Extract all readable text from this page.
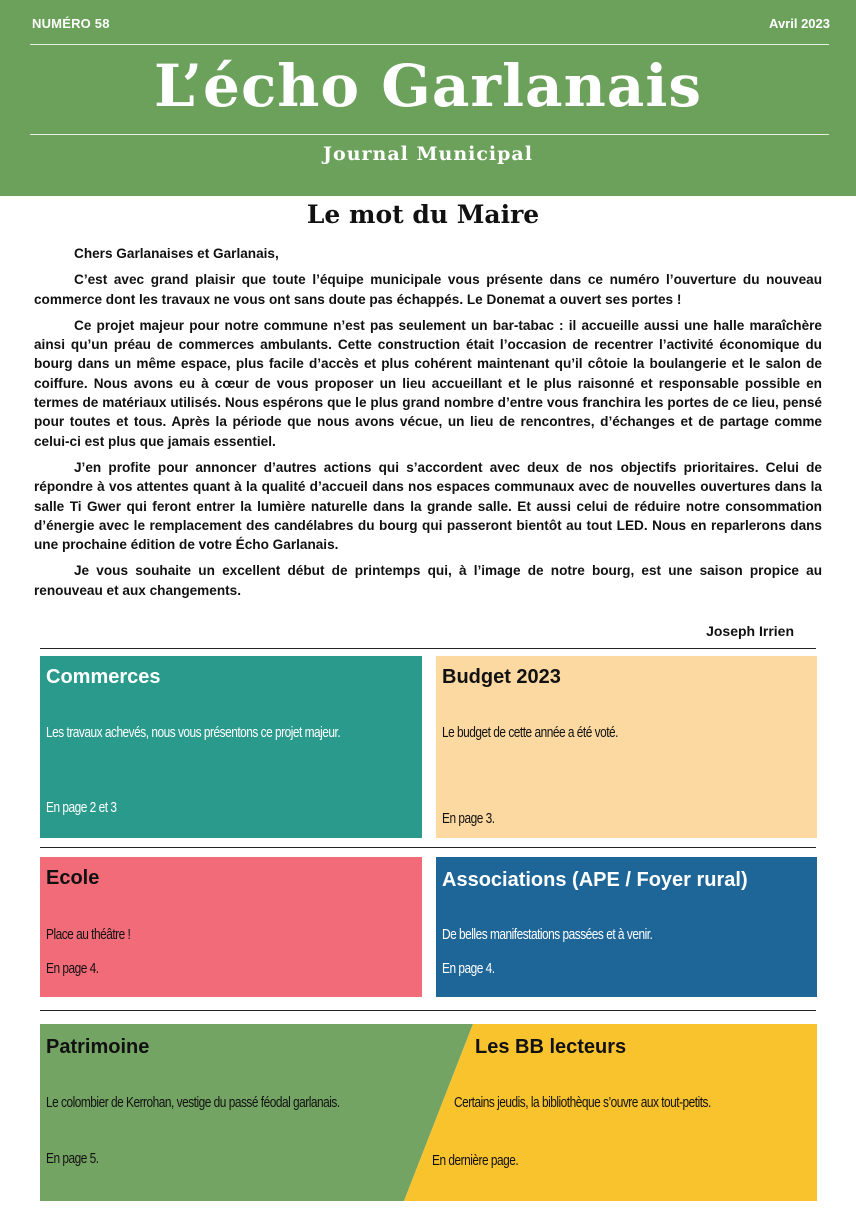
NUMÉRO 58	Avril 2023
L’écho Garlanais
Journal Municipal
Le mot du Maire

Chers Garlanaises et Garlanais,

C’est avec grand plaisir que toute l’équipe municipale vous présente dans ce numéro l’ouverture du nouveau commerce dont les travaux ne vous ont sans doute pas échappés. Le Donemat a ouvert ses portes !

Ce projet majeur pour notre commune n’est pas seulement un bar-tabac : il accueille aussi une halle maraîchère ainsi qu’un préau de commerces ambulants. Cette construction était l’occasion de recentrer l’activité économique du bourg dans un même espace, plus facile d’accès et plus cohérent maintenant qu’il côtoie la boulangerie et le salon de coiffure. Nous avons eu à cœur de vous proposer un lieu accueillant et le plus raisonné et responsable possible en termes de matériaux utilisés. Nous espérons que le plus grand nombre d’entre vous franchira les portes de ce lieu, pensé pour toutes et tous. Après la période que nous avons vécue, un lieu de rencontres, d’échanges et de partage comme celui-ci est plus que jamais essentiel.

J’en profite pour annoncer d’autres actions qui s’accordent avec deux de nos objectifs prioritaires. Celui de répondre à vos attentes quant à la qualité d’accueil dans nos espaces communaux avec de nouvelles ouvertures dans la salle Ti Gwer qui feront entrer la lumière naturelle dans la grande salle. Et aussi celui de réduire notre consommation d’énergie avec le remplacement des candélabres du bourg qui passeront bientôt au tout LED. Nous en reparlerons dans une prochaine édition de votre Écho Garlanais.

Je vous souhaite un excellent début de printemps qui, à l’image de notre bourg, est une saison propice au renouveau et aux changements.

Joseph Irrien
Commerces
Les travaux achevés, nous vous présentons ce projet majeur.
En page 2 et 3
Budget 2023
Le budget de cette année a été voté.
En page 3.
Ecole
Place au théâtre !
En page 4.
Associations (APE / Foyer rural)
De belles manifestations passées et à venir.
En page 4.
Patrimoine
Le colombier de Kerrohan, vestige du passé féodal garlanais.
En page 5.
Les BB lecteurs
Certains jeudis, la bibliothèque s’ouvre aux tout-petits.
En dernière page.
